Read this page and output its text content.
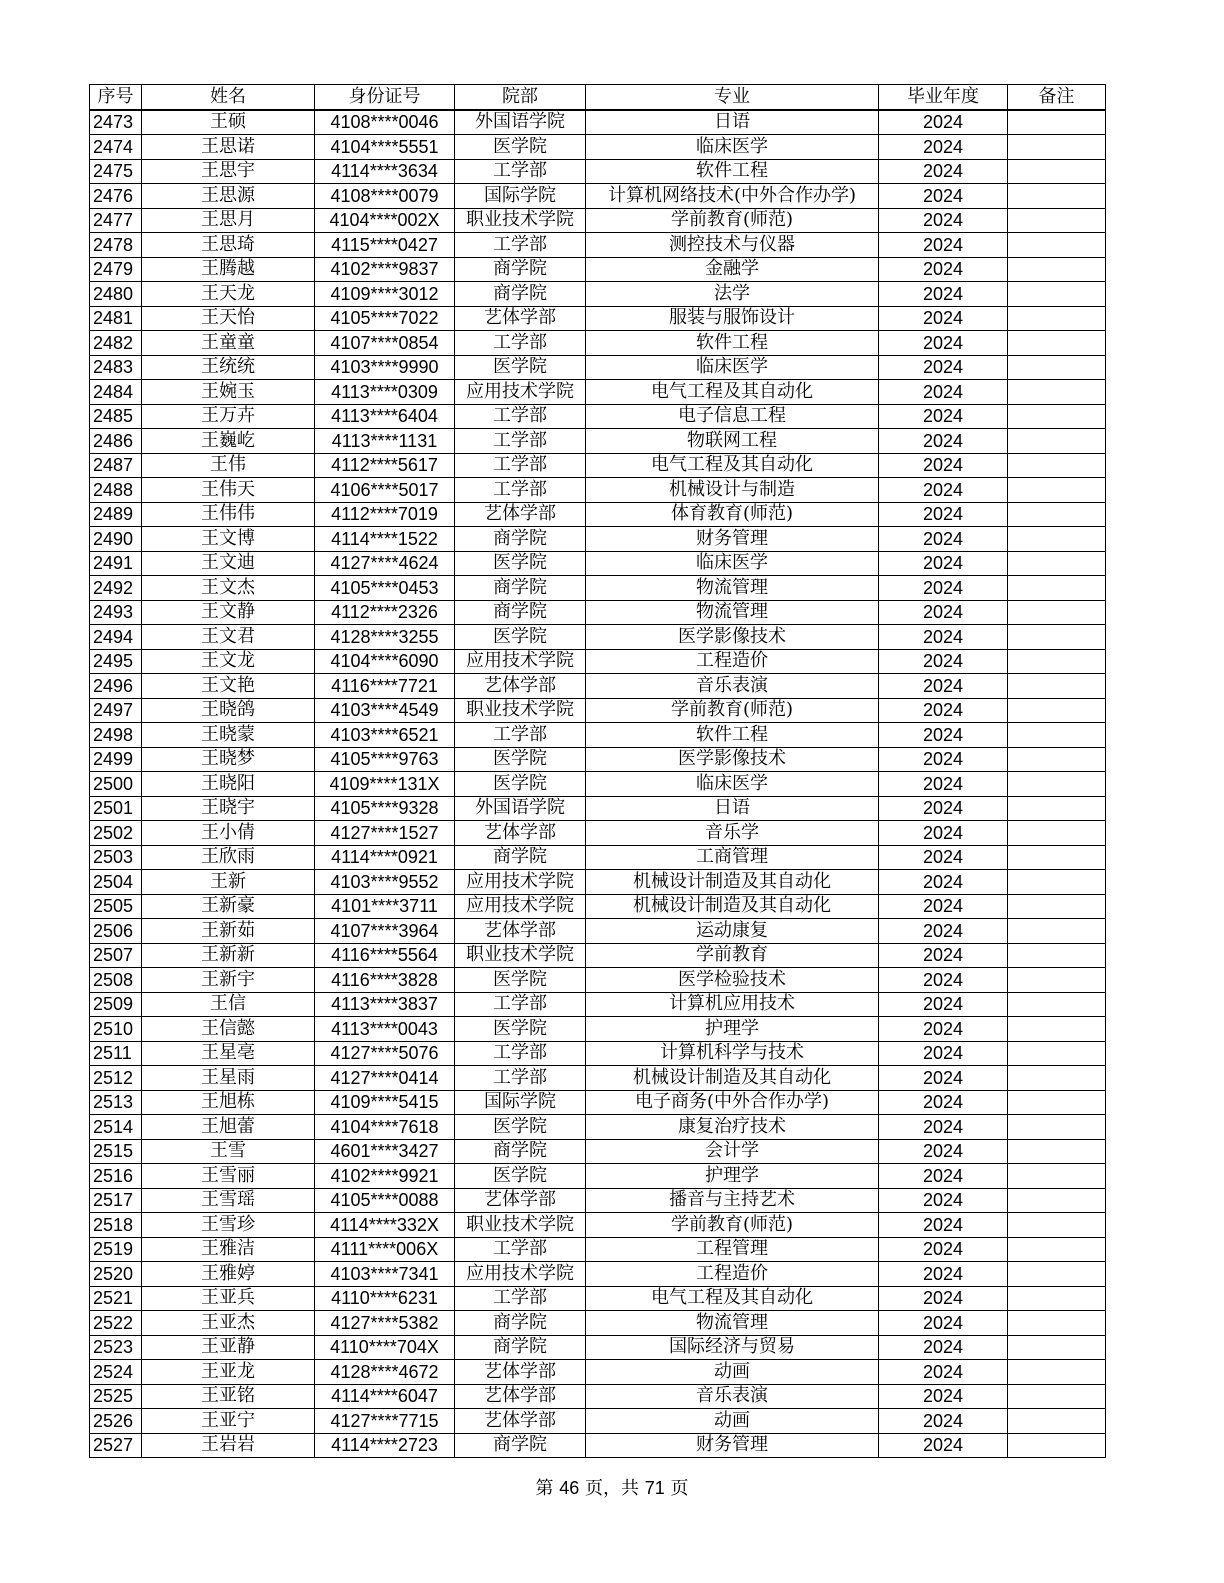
序号	姓名	身份证号	院部	专业	毕业年度	备注
2473	王硕	4108****0046	外国语学院	日语	2024	
2474	王思诺	4104****5551	医学院	临床医学	2024	
2475	王思宇	4114****3634	工学部	软件工程	2024	
2476	王思源	4108****0079	国际学院	计算机网络技术(中外合作办学)	2024	
2477	王思月	4104****002X	职业技术学院	学前教育(师范)	2024	
2478	王思琦	4115****0427	工学部	测控技术与仪器	2024	
2479	王腾越	4102****9837	商学院	金融学	2024	
2480	王天龙	4109****3012	商学院	法学	2024	
2481	王天怡	4105****7022	艺体学部	服装与服饰设计	2024	
2482	王童童	4107****0854	工学部	软件工程	2024	
2483	王统统	4103****9990	医学院	临床医学	2024	
2484	王婉玉	4113****0309	应用技术学院	电气工程及其自动化	2024	
2485	王万卉	4113****6404	工学部	电子信息工程	2024	
2486	王巍屹	4113****1131	工学部	物联网工程	2024	
2487	王伟	4112****5617	工学部	电气工程及其自动化	2024	
2488	王伟天	4106****5017	工学部	机械设计与制造	2024	
2489	王伟伟	4112****7019	艺体学部	体育教育(师范)	2024	
2490	王文博	4114****1522	商学院	财务管理	2024	
2491	王文迪	4127****4624	医学院	临床医学	2024	
2492	王文杰	4105****0453	商学院	物流管理	2024	
2493	王文静	4112****2326	商学院	物流管理	2024	
2494	王文君	4128****3255	医学院	医学影像技术	2024	
2495	王文龙	4104****6090	应用技术学院	工程造价	2024	
2496	王文艳	4116****7721	艺体学部	音乐表演	2024	
2497	王晓鸽	4103****4549	职业技术学院	学前教育(师范)	2024	
2498	王晓蒙	4103****6521	工学部	软件工程	2024	
2499	王晓梦	4105****9763	医学院	医学影像技术	2024	
2500	王晓阳	4109****131X	医学院	临床医学	2024	
2501	王晓宇	4105****9328	外国语学院	日语	2024	
2502	王小倩	4127****1527	艺体学部	音乐学	2024	
2503	王欣雨	4114****0921	商学院	工商管理	2024	
2504	王新	4103****9552	应用技术学院	机械设计制造及其自动化	2024	
2505	王新豪	4101****3711	应用技术学院	机械设计制造及其自动化	2024	
2506	王新茹	4107****3964	艺体学部	运动康复	2024	
2507	王新新	4116****5564	职业技术学院	学前教育	2024	
2508	王新宇	4116****3828	医学院	医学检验技术	2024	
2509	王信	4113****3837	工学部	计算机应用技术	2024	
2510	王信懿	4113****0043	医学院	护理学	2024	
2511	王星亳	4127****5076	工学部	计算机科学与技术	2024	
2512	王星雨	4127****0414	工学部	机械设计制造及其自动化	2024	
2513	王旭栋	4109****5415	国际学院	电子商务(中外合作办学)	2024	
2514	王旭蕾	4104****7618	医学院	康复治疗技术	2024	
2515	王雪	4601****3427	商学院	会计学	2024	
2516	王雪丽	4102****9921	医学院	护理学	2024	
2517	王雪瑶	4105****0088	艺体学部	播音与主持艺术	2024	
2518	王雪珍	4114****332X	职业技术学院	学前教育(师范)	2024	
2519	王雅洁	4111****006X	工学部	工程管理	2024	
2520	王雅婷	4103****7341	应用技术学院	工程造价	2024	
2521	王亚兵	4110****6231	工学部	电气工程及其自动化	2024	
2522	王亚杰	4127****5382	商学院	物流管理	2024	
2523	王亚静	4110****704X	商学院	国际经济与贸易	2024	
2524	王亚龙	4128****4672	艺体学部	动画	2024	
2525	王亚铭	4114****6047	艺体学部	音乐表演	2024	
2526	王亚宁	4127****7715	艺体学部	动画	2024	
2527	王岩岩	4114****2723	商学院	财务管理	2024	
第 46 页，共 71 页
